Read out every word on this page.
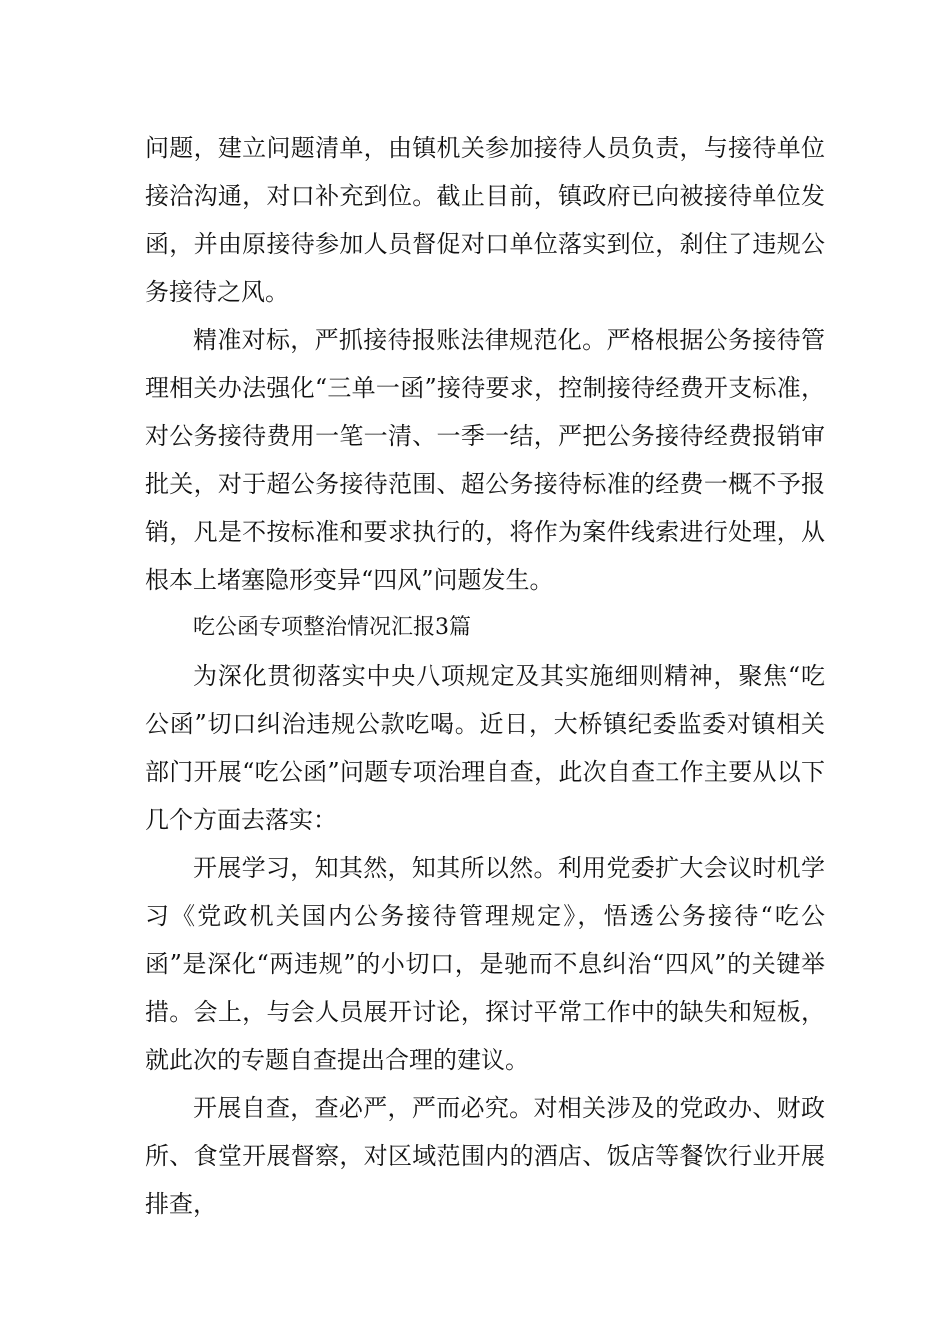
问题，建立问题清单，由镇机关参加接待人员负责，与接待单位接洽沟通，对口补充到位。截止目前，镇政府已向被接待单位发函，并由原接待参加人员督促对口单位落实到位，刹住了违规公务接待之风。

精准对标，严抓接待报账法律规范化。严格根据公务接待管理相关办法强化“三单一函”接待要求，控制接待经费开支标准，对公务接待费用一笔一清、一季一结，严把公务接待经费报销审批关，对于超公务接待范围、超公务接待标准的经费一概不予报销，凡是不按标准和要求执行的，将作为案件线索进行处理，从根本上堵塞隐形变异“四风”问题发生。

吃公函专项整治情况汇报3篇

为深化贯彻落实中央八项规定及其实施细则精神，聚焦“吃公函”切口纠治违规公款吃喝。近日，大桥镇纪委监委对镇相关部门开展“吃公函”问题专项治理自查，此次自查工作主要从以下几个方面去落实：

开展学习，知其然，知其所以然。利用党委扩大会议时机学习《党政机关国内公务接待管理规定》，悟透公务接待“吃公函”是深化“两违规”的小切口，是驰而不息纠治“四风”的关键举措。会上，与会人员展开讨论，探讨平常工作中的缺失和短板，就此次的专题自查提出合理的建议。

开展自查，查必严，严而必究。对相关涉及的党政办、财政所、食堂开展督察，对区域范围内的酒店、饭店等餐饮行业开展排查，
